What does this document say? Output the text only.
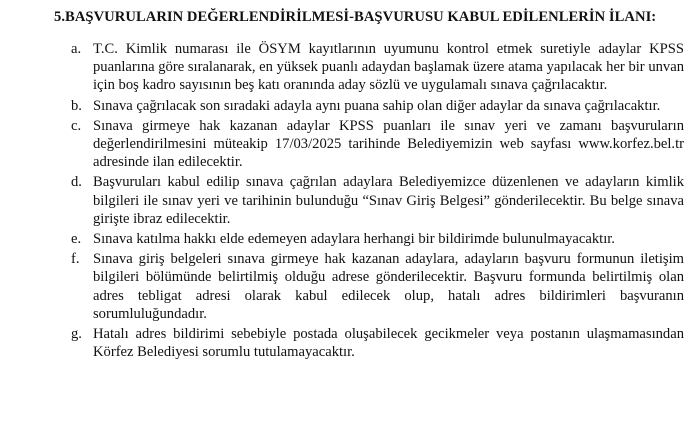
5.BAŞVURULARIN DEĞERLENDİRİLMESİ-BAŞVURUSU KABUL EDİLENLERİN İLANI:
a. T.C. Kimlik numarası ile ÖSYM kayıtlarının uyumunu kontrol etmek suretiyle adaylar KPSS puanlarına göre sıralanarak, en yüksek puanlı adaydan başlamak üzere atama yapılacak her bir unvan için boş kadro sayısının beş katı oranında aday sözlü ve uygulamalı sınava çağrılacaktır.
b. Sınava çağrılacak son sıradaki adayla aynı puana sahip olan diğer adaylar da sınava çağrılacaktır.
c. Sınava girmeye hak kazanan adaylar KPSS puanları ile sınav yeri ve zamanı başvuruların değerlendirilmesini müteakip 17/03/2025 tarihinde Belediyemizin web sayfası www.korfez.bel.tr adresinde ilan edilecektir.
d. Başvuruları kabul edilip sınava çağrılan adaylara Belediyemizce düzenlenen ve adayların kimlik bilgileri ile sınav yeri ve tarihinin bulunduğu “Sınav Giriş Belgesi” gönderilecektir. Bu belge sınava girişte ibraz edilecektir.
e. Sınava katılma hakkı elde edemeyen adaylara herhangi bir bildirimde bulunulmayacaktır.
f. Sınava giriş belgeleri sınava girmeye hak kazanan adaylara, adayların başvuru formunun iletişim bilgileri bölümünde belirtilmiş olduğu adrese gönderilecektir. Başvuru formunda belirtilmiş olan adres tebligat adresi olarak kabul edilecek olup, hatalı adres bildirimleri başvuranın sorumluluğundadır.
g. Hatalı adres bildirimi sebebiyle postada oluşabilecek gecikmeler veya postanın ulaşmamasından Körfez Belediyesi sorumlu tutulamayacaktır.
